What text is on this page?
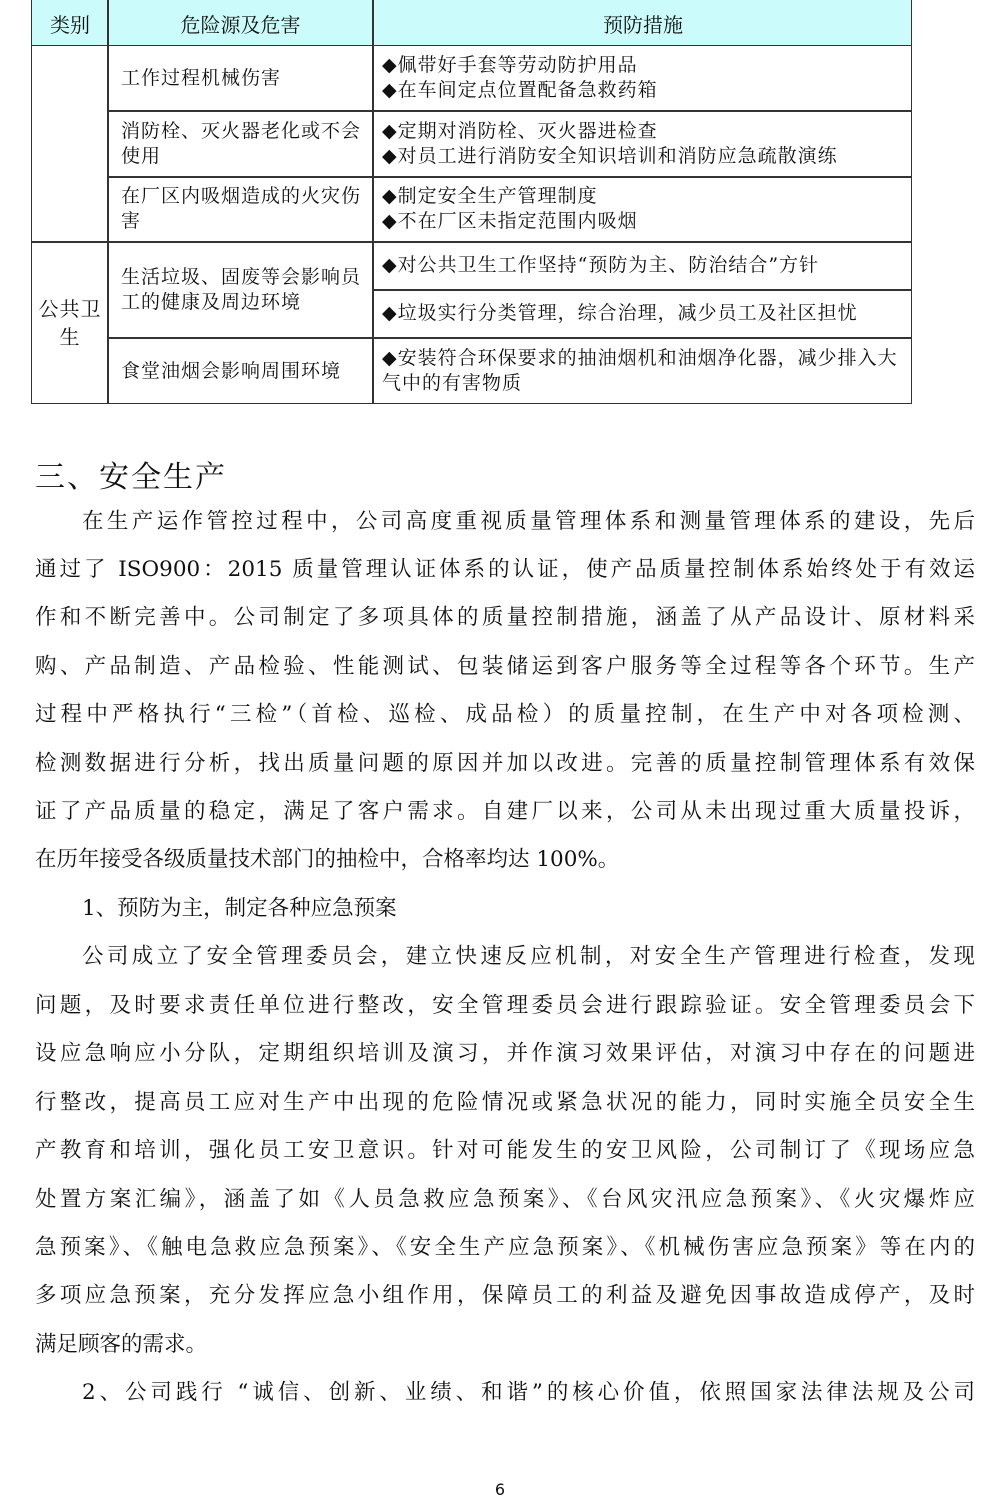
类别	危险源及危害	预防措施
工作过程机械伤害
◆佩带好手套等劳动防护用品
◆在车间定点位置配备急救药箱
消防栓、灭火器老化或不会使用
◆定期对消防栓、灭火器进检查
◆对员工进行消防安全知识培训和消防应急疏散演练
在厂区内吸烟造成的火灾伤害
◆制定安全生产管理制度
◆不在厂区未指定范围内吸烟
公共卫生
生活垃圾、固废等会影响员工的健康及周边环境
◆对公共卫生工作坚持“预防为主、防治结合”方针
◆垃圾实行分类管理，综合治理，减少员工及社区担忧
食堂油烟会影响周围环境
◆安装符合环保要求的抽油烟机和油烟净化器，减少排入大气中的有害物质
三、安全生产
在生产运作管控过程中，公司高度重视质量管理体系和测量管理体系的建设，先后
通过了 ISO900：2015 质量管理认证体系的认证，使产品质量控制体系始终处于有效运
作和不断完善中。公司制定了多项具体的质量控制措施，涵盖了从产品设计、原材料采
购、产品制造、产品检验、性能测试、包装储运到客户服务等全过程等各个环节。生产
过程中严格执行“三检”（首检、巡检、成品检）的质量控制，在生产中对各项检测、
检测数据进行分析，找出质量问题的原因并加以改进。完善的质量控制管理体系有效保
证了产品质量的稳定，满足了客户需求。自建厂以来，公司从未出现过重大质量投诉，
在历年接受各级质量技术部门的抽检中，合格率均达 100%。
1、预防为主，制定各种应急预案
公司成立了安全管理委员会，建立快速反应机制，对安全生产管理进行检查，发现
问题，及时要求责任单位进行整改，安全管理委员会进行跟踪验证。安全管理委员会下
设应急响应小分队，定期组织培训及演习，并作演习效果评估，对演习中存在的问题进
行整改，提高员工应对生产中出现的危险情况或紧急状况的能力，同时实施全员安全生
产教育和培训，强化员工安卫意识。针对可能发生的安卫风险，公司制订了《现场应急
处置方案汇编》，涵盖了如《人员急救应急预案》、《台风灾汛应急预案》、《火灾爆炸应
急预案》、《触电急救应急预案》、《安全生产应急预案》、《机械伤害应急预案》等在内的
多项应急预案，充分发挥应急小组作用，保障员工的利益及避免因事故造成停产，及时
满足顾客的需求。
2、公司践行 “诚信、创新、业绩、和谐”的核心价值，依照国家法律法规及公司
6
